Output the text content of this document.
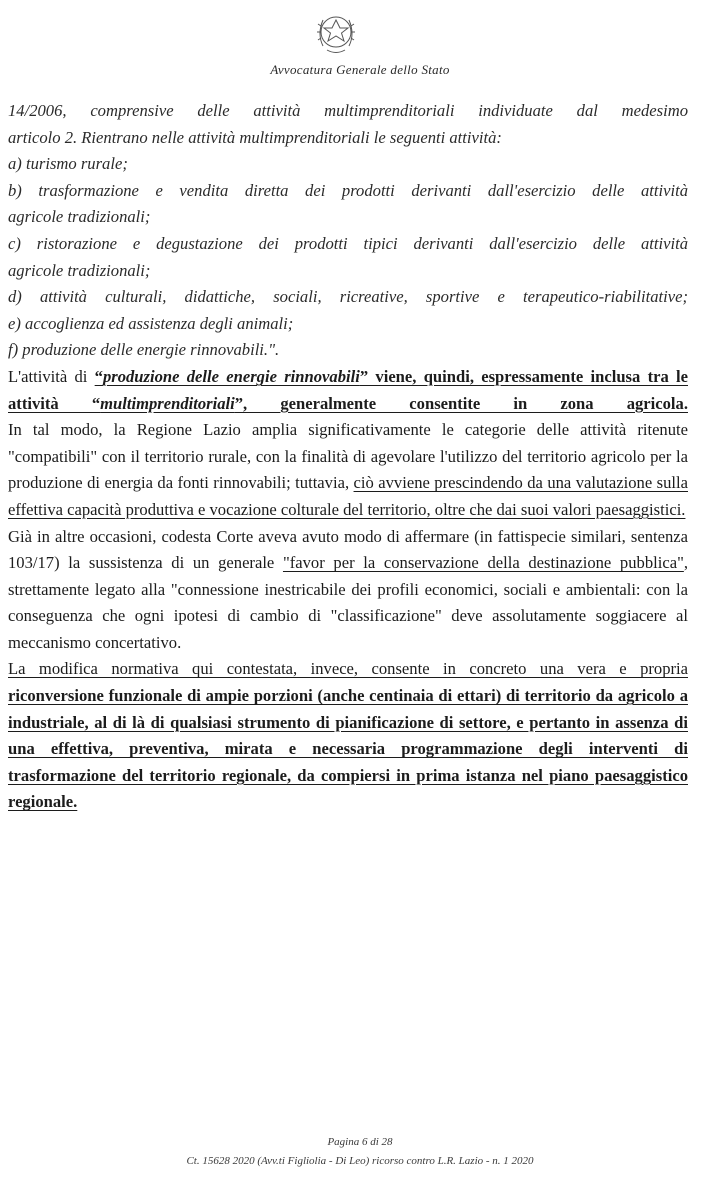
Avvocatura Generale dello Stato
14/2006, comprensive delle attività multimprenditoriali individuate dal medesimo
articolo 2. Rientrano nelle attività multimprenditoriali le seguenti attività:
a) turismo rurale;
b) trasformazione e vendita diretta dei prodotti derivanti dall'esercizio delle attività
agricole tradizionali;
c) ristorazione e degustazione dei prodotti tipici derivanti dall'esercizio delle attività
agricole tradizionali;
d) attività culturali, didattiche, sociali, ricreative, sportive e terapeutico-riabilitative;
e) accoglienza ed assistenza degli animali;
f) produzione delle energie rinnovabili.".

L'attività di “produzione delle energie rinnovabili” viene, quindi, espressamente inclusa tra le attività “multimprenditoriali”, generalmente consentite in zona agricola.

In tal modo, la Regione Lazio amplia significativamente le categorie delle attività ritenute "compatibili" con il territorio rurale, con la finalità di agevolare l'utilizzo del territorio agricolo per la produzione di energia da fonti rinnovabili; tuttavia, ciò avviene prescindendo da una valutazione sulla effettiva capacità produttiva e vocazione colturale del territorio, oltre che dai suoi valori paesaggistici.

Già in altre occasioni, codesta Corte aveva avuto modo di affermare (in fattispecie similari, sentenza 103/17) la sussistenza di un generale "favor per la conservazione della destinazione pubblica", strettamente legato alla "connessione inestricabile dei profili economici, sociali e ambientali: con la conseguenza che ogni ipotesi di cambio di "classificazione" deve assolutamente soggiacere al meccanismo concertativo.

La modifica normativa qui contestata, invece, consente in concreto una vera e propria
riconversione funzionale di ampie porzioni (anche centinaia di ettari) di territorio da agricolo a industriale, al di là di qualsiasi strumento di pianificazione di settore, e pertanto in assenza di una effettiva, preventiva, mirata e necessaria programmazione degli interventi di trasformazione del territorio regionale, da compiersi in prima istanza nel piano paesaggistico regionale.

Pagina 6 di 28
Ct. 15628 2020 (Avv.ti Figliolia - Di Leo) ricorso contro L.R. Lazio - n. 1 2020
